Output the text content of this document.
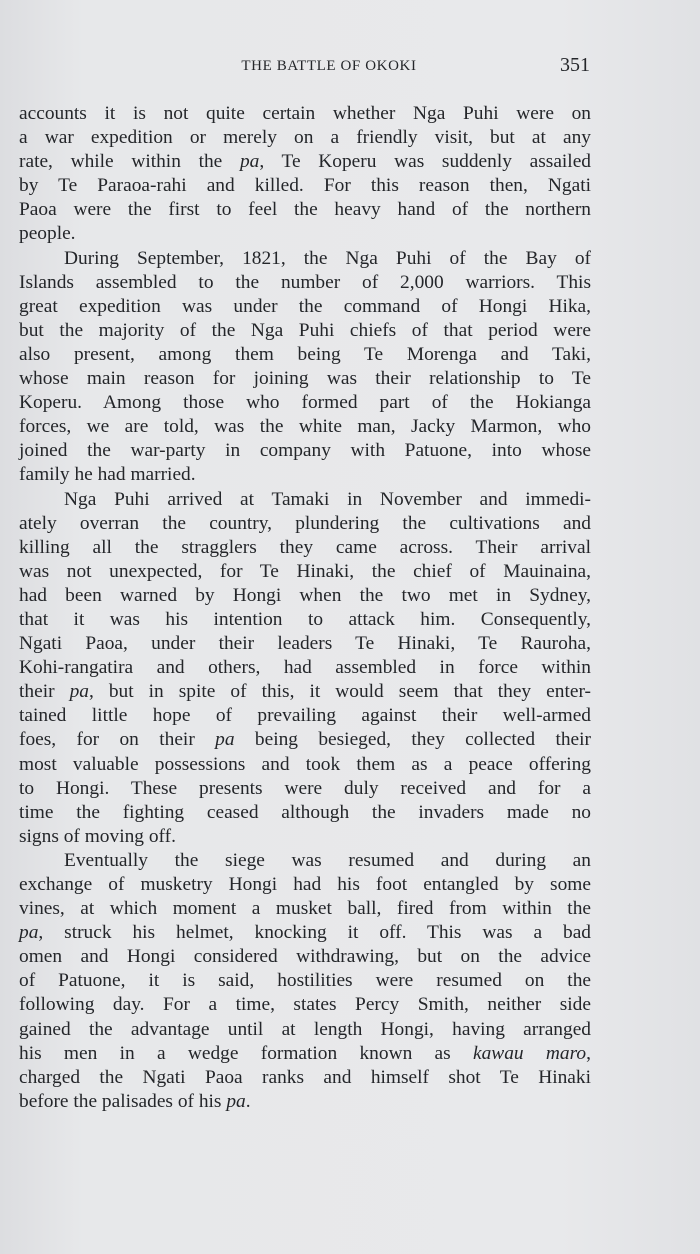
THE BATTLE OF OKOKI	351

accounts it is not quite certain whether Nga Puhi were on
a war expedition or merely on a friendly visit, but at any
rate, while within the pa, Te Koperu was suddenly assailed
by Te Paraoa-rahi and killed. For this reason then, Ngati
Paoa were the first to feel the heavy hand of the northern
people.

During September, 1821, the Nga Puhi of the Bay of
Islands assembled to the number of 2,000 warriors. This
great expedition was under the command of Hongi Hika,
but the majority of the Nga Puhi chiefs of that period were
also present, among them being Te Morenga and Taki,
whose main reason for joining was their relationship to Te
Koperu. Among those who formed part of the Hokianga
forces, we are told, was the white man, Jacky Marmon, who
joined the war-party in company with Patuone, into whose
family he had married.

Nga Puhi arrived at Tamaki in November and immedi-
ately overran the country, plundering the cultivations and
killing all the stragglers they came across. Their arrival
was not unexpected, for Te Hinaki, the chief of Mauinaina,
had been warned by Hongi when the two met in Sydney,
that it was his intention to attack him. Consequently,
Ngati Paoa, under their leaders Te Hinaki, Te Rauroha,
Kohi-rangatira and others, had assembled in force within
their pa, but in spite of this, it would seem that they enter-
tained little hope of prevailing against their well-armed
foes, for on their pa being besieged, they collected their
most valuable possessions and took them as a peace offering
to Hongi. These presents were duly received and for a
time the fighting ceased although the invaders made no
signs of moving off.

Eventually the siege was resumed and during an
exchange of musketry Hongi had his foot entangled by some
vines, at which moment a musket ball, fired from within the
pa, struck his helmet, knocking it off. This was a bad
omen and Hongi considered withdrawing, but on the advice
of Patuone, it is said, hostilities were resumed on the
following day. For a time, states Percy Smith, neither side
gained the advantage until at length Hongi, having arranged
his men in a wedge formation known as kawau maro,
charged the Ngati Paoa ranks and himself shot Te Hinaki
before the palisades of his pa.
